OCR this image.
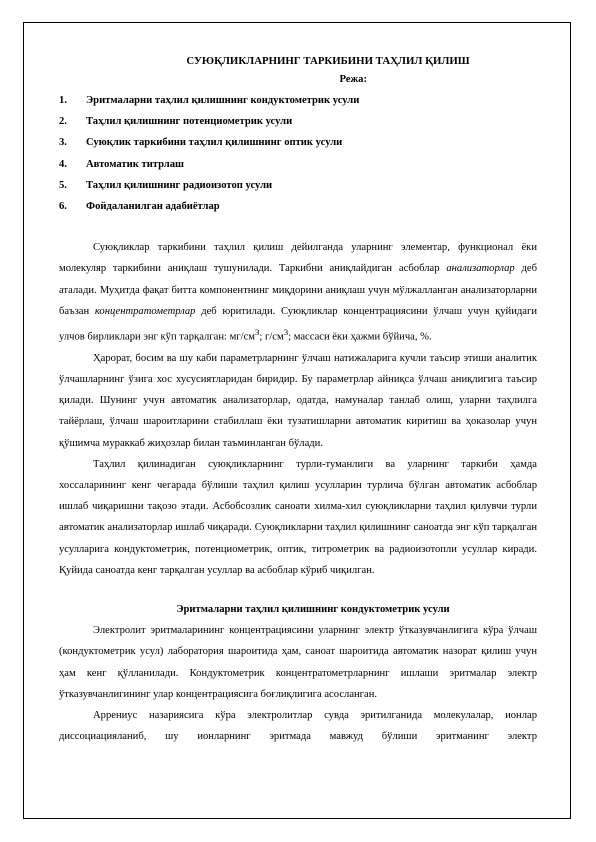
СУЮҚЛИКЛАРНИНГ ТАРКИБИНИ ТАҲЛИЛ ҚИЛИШ
Режа:
1.	Эритмаларни таҳлил қилишнинг кондуктометрик усули
2.	Таҳлил қилишнинг потенциометрик усули
3.	Суюқлик таркибини таҳлил қилишнинг оптик усули
4.	Автоматик титрлаш
5.	Таҳлил қилишнинг радиоизотоп усули
6.	Фойдаланилган адабиётлар

Суюқликлар таркибини таҳлил қилиш дейилганда уларнинг элементар, функционал ёки молекуляр таркибини аниқлаш тушунилади. Таркибни аниқлайдиган асбоблар анализаторлар деб аталади. Муҳитда фақат битта компонентнинг миқдорини аниқлаш учун мўлжалланган анализаторларни баъзан концентратометрлар деб юритилади. Суюқликлар концентрациясини ўлчаш учун қуйидаги улчов бирликлари энг кўп тарқалган: $мг/см^3$; $г/см^3$; массаси ёки ҳажми бўйича, %.

Ҳарорат, босим ва шу каби параметрларнинг ўлчаш натижаларига кучли таъсир этиши аналитик ўлчашларнинг ўзига хос хусусиятларидан биридир. Бу параметрлар айниқса ўлчаш аниқлигига таъсир қилади. Шунинг учун автоматик анализаторлар, одатда, намуналар танлаб олиш, уларни таҳлилга тайёрлаш, ўлчаш шароитларини стабиллаш ёки тузатишларни автоматик киритиш ва ҳоказолар учун қўшимча мураккаб жиҳозлар билан таъминланган бўлади.

Таҳлил қилинадиган суюқликларнинг турли-туманлиги ва уларнинг таркиби ҳамда хоссаларининг кенг чегарада бўлиши таҳлил қилиш усулларин турлича бўлган автоматик асбоблар ишлаб чиқаришни тақозо этади. Асбобсозлик саноати хилма-хил суюқликларни таҳлил қилувчи турли автоматик анализаторлар ишлаб чиқаради. Суюқликларни таҳлил қилишнинг саноатда энг кўп тарқалган усулларига кондуктометрик, потенциометрик, оптик, титрометрик ва радиоизотопли усуллар киради. Қуйида саноатда кенг тарқалган усуллар ва асбоблар кўриб чиқилган.

Эритмаларни таҳлил қилишнинг кондуктометрик усули

Электролит эритмаларининг концентрациясини уларнинг электр ўтказувчанлигига кўра ўлчаш (кондуктометрик усул) лаборатория шароитида ҳам, саноат шароитида автоматик назорат қилиш учун ҳам кенг қўлланилади. Кондуктометрик концентратометрларнинг ишлаши эритмалар электр ўтказувчанлигининг улар концентрациясига боғлиқлигига асосланган.

Аррениус назариясига кўра электролитлар сувда эритилганида молекулалар, ионлар диссоциацияланиб, шу ионларнинг эритмада мавжуд бўлиши эритманинг электр
